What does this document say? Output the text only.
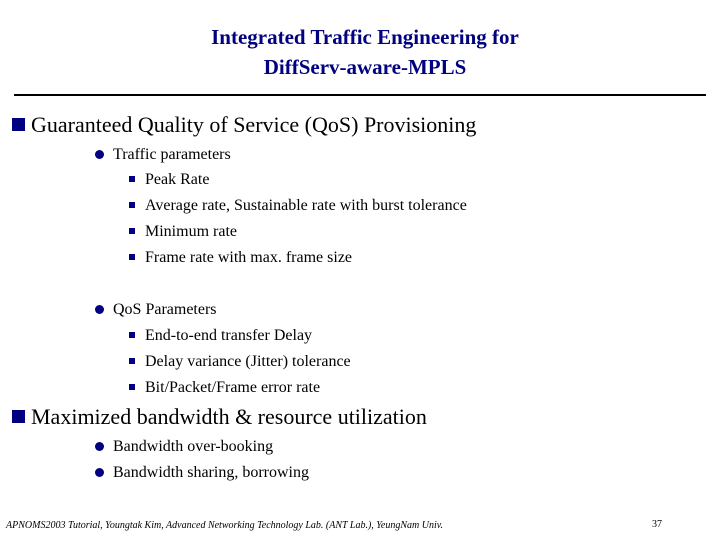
Integrated Traffic Engineering for
DiffServ-aware-MPLS
Guaranteed Quality of Service (QoS) Provisioning
Traffic parameters
Peak Rate
Average rate, Sustainable rate with burst tolerance
Minimum rate
Frame rate with max. frame size
QoS Parameters
End-to-end transfer Delay
Delay variance (Jitter) tolerance
Bit/Packet/Frame error rate
Maximized bandwidth & resource utilization
Bandwidth over-booking
Bandwidth sharing, borrowing
APNOMS2003 Tutorial, Youngtak Kim, Advanced Networking Technology Lab. (ANT Lab.), YeungNam Univ.	37
